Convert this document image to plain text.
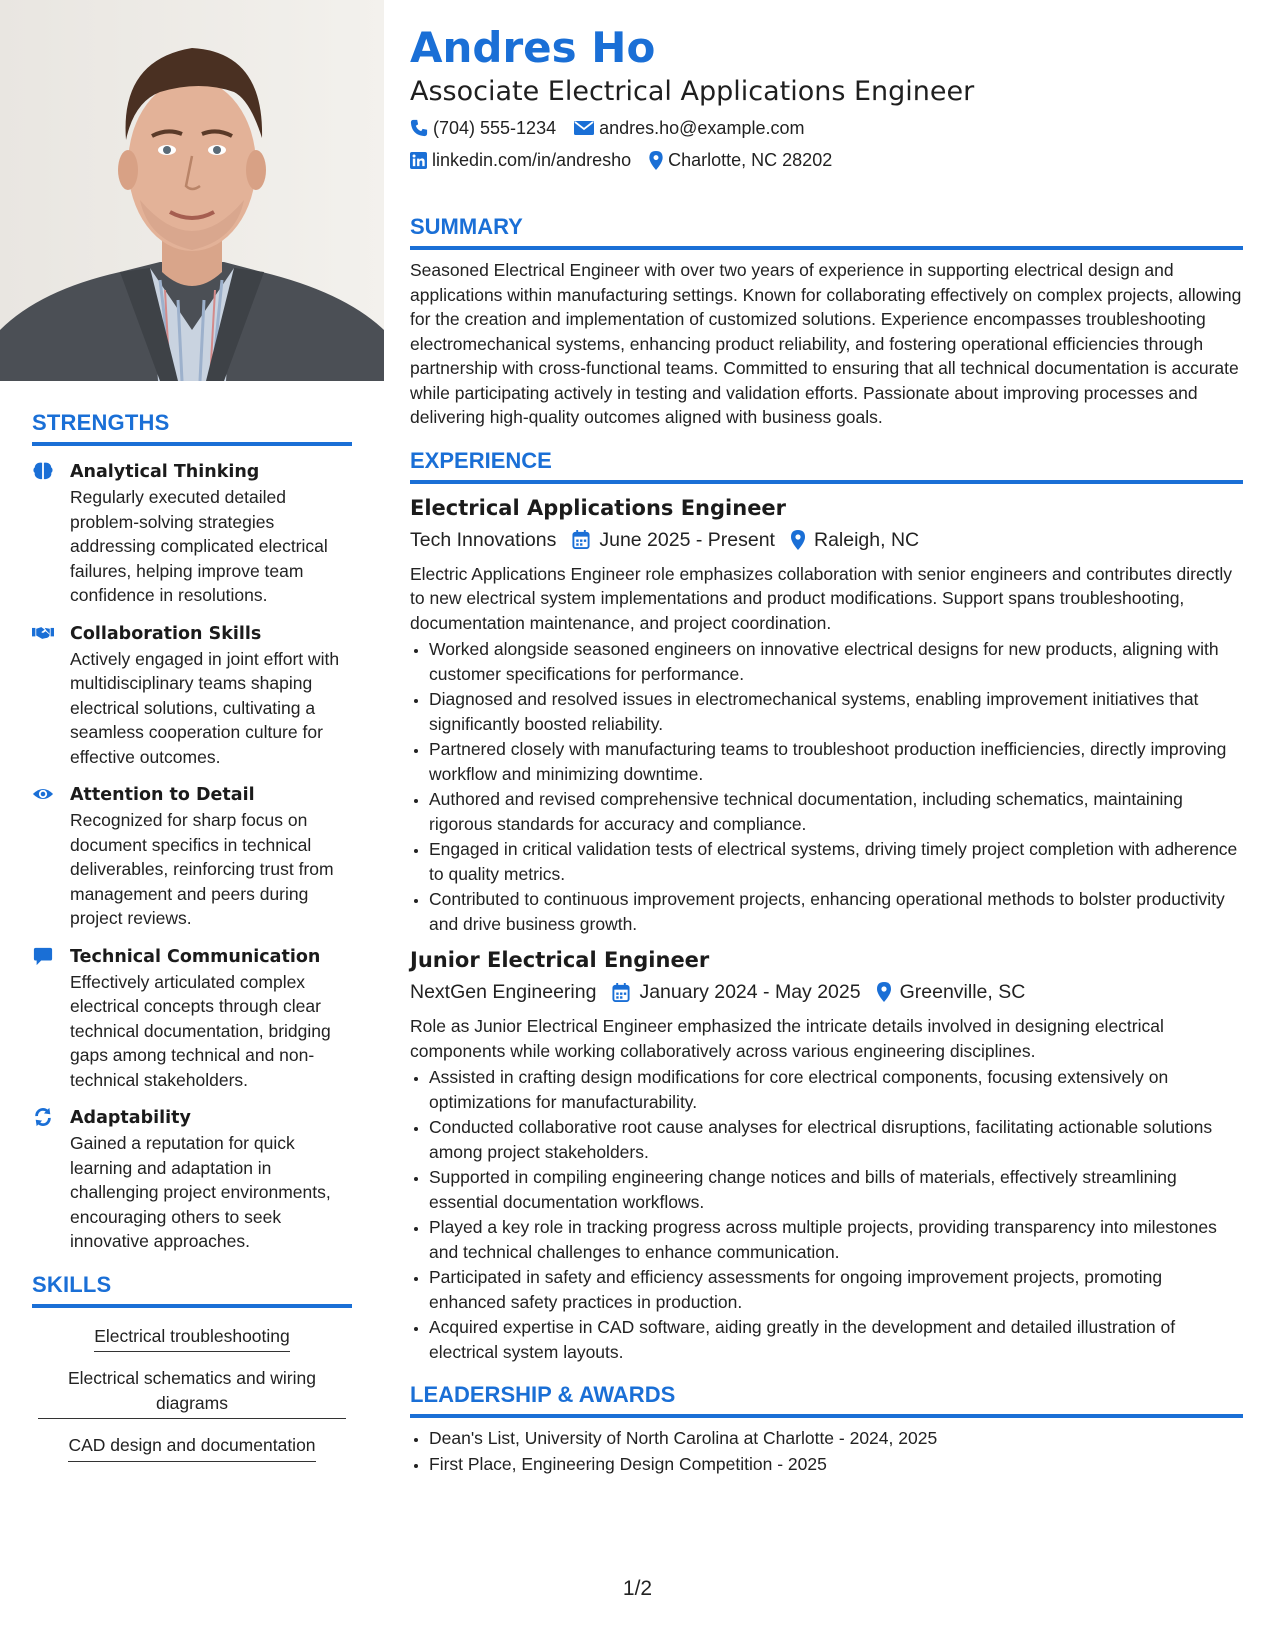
STRENGTHS
Analytical Thinking
Regularly executed detailed problem-solving strategies addressing complicated electrical failures, helping improve team confidence in resolutions.
Collaboration Skills
Actively engaged in joint effort with multidisciplinary teams shaping electrical solutions, cultivating a seamless cooperation culture for effective outcomes.
Attention to Detail
Recognized for sharp focus on document specifics in technical deliverables, reinforcing trust from management and peers during project reviews.
Technical Communication
Effectively articulated complex electrical concepts through clear technical documentation, bridging gaps among technical and non-technical stakeholders.
Adaptability
Gained a reputation for quick learning and adaptation in challenging project environments, encouraging others to seek innovative approaches.
SKILLS
Electrical troubleshooting
Electrical schematics and wiring diagrams
CAD design and documentation
Andres Ho
Associate Electrical Applications Engineer
(704) 555-1234 andres.ho@example.com
linkedin.com/in/andresho Charlotte, NC 28202
SUMMARY

Seasoned Electrical Engineer with over two years of experience in supporting electrical design and applications within manufacturing settings. Known for collaborating effectively on complex projects, allowing for the creation and implementation of customized solutions. Experience encompasses troubleshooting electromechanical systems, enhancing product reliability, and fostering operational efficiencies through partnership with cross-functional teams. Committed to ensuring that all technical documentation is accurate while participating actively in testing and validation efforts. Passionate about improving processes and delivering high-quality outcomes aligned with business goals.

EXPERIENCE
Electrical Applications Engineer
Tech Innovations June 2025 - Present Raleigh, NC
Electric Applications Engineer role emphasizes collaboration with senior engineers and contributes directly to new electrical system implementations and product modifications. Support spans troubleshooting, documentation maintenance, and project coordination.
• Worked alongside seasoned engineers on innovative electrical designs for new products, aligning with customer specifications for performance.
• Diagnosed and resolved issues in electromechanical systems, enabling improvement initiatives that significantly boosted reliability.
• Partnered closely with manufacturing teams to troubleshoot production inefficiencies, directly improving workflow and minimizing downtime.
• Authored and revised comprehensive technical documentation, including schematics, maintaining rigorous standards for accuracy and compliance.
• Engaged in critical validation tests of electrical systems, driving timely project completion with adherence to quality metrics.
• Contributed to continuous improvement projects, enhancing operational methods to bolster productivity and drive business growth.
Junior Electrical Engineer
NextGen Engineering January 2024 - May 2025 Greenville, SC
Role as Junior Electrical Engineer emphasized the intricate details involved in designing electrical components while working collaboratively across various engineering disciplines.
• Assisted in crafting design modifications for core electrical components, focusing extensively on optimizations for manufacturability.
• Conducted collaborative root cause analyses for electrical disruptions, facilitating actionable solutions among project stakeholders.
• Supported in compiling engineering change notices and bills of materials, effectively streamlining essential documentation workflows.
• Played a key role in tracking progress across multiple projects, providing transparency into milestones and technical challenges to enhance communication.
• Participated in safety and efficiency assessments for ongoing improvement projects, promoting enhanced safety practices in production.
• Acquired expertise in CAD software, aiding greatly in the development and detailed illustration of electrical system layouts.
LEADERSHIP & AWARDS
• Dean's List, University of North Carolina at Charlotte - 2024, 2025
• First Place, Engineering Design Competition - 2025
1/2
